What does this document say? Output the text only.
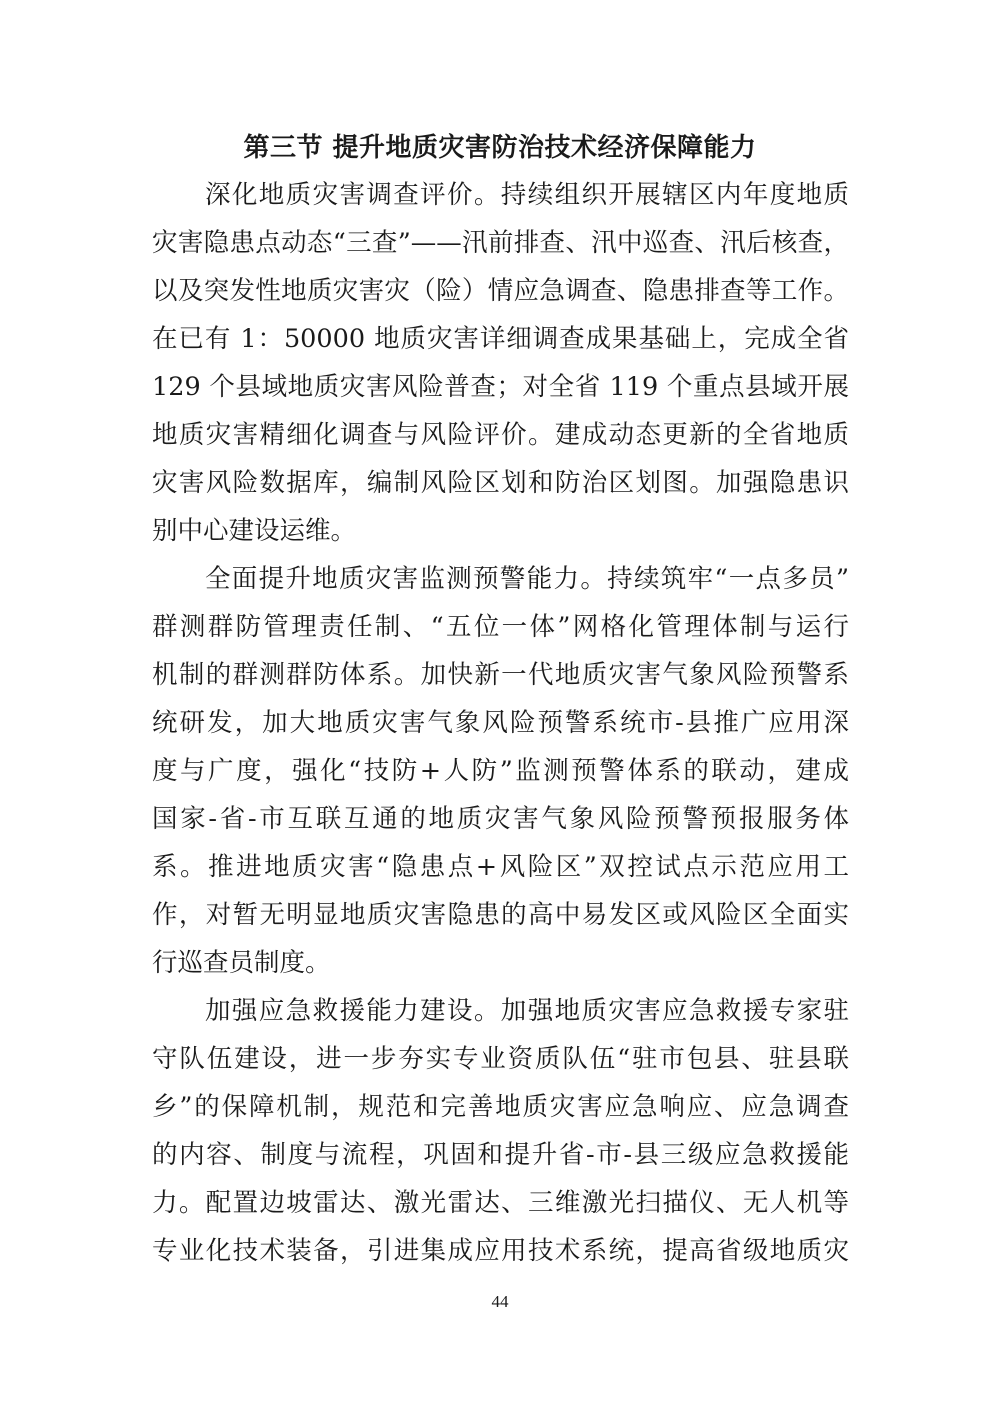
第三节 提升地质灾害防治技术经济保障能力

深化地质灾害调查评价。持续组织开展辖区内年度地质

灾害隐患点动态“三查”——汛前排查、汛中巡查、汛后核查，

以及突发性地质灾害灾（险）情应急调查、隐患排查等工作。

在已有 1：50000 地质灾害详细调查成果基础上，完成全省

129 个县域地质灾害风险普查；对全省 119 个重点县域开展

地质灾害精细化调查与风险评价。建成动态更新的全省地质

灾害风险数据库，编制风险区划和防治区划图。加强隐患识

别中心建设运维。

全面提升地质灾害监测预警能力。持续筑牢“一点多员”

群测群防管理责任制、“五位一体”网格化管理体制与运行

机制的群测群防体系。加快新一代地质灾害气象风险预警系

统研发，加大地质灾害气象风险预警系统市-县推广应用深

度与广度，强化“技防+人防”监测预警体系的联动，建成

国家-省-市互联互通的地质灾害气象风险预警预报服务体

系。推进地质灾害“隐患点+风险区”双控试点示范应用工

作，对暂无明显地质灾害隐患的高中易发区或风险区全面实

行巡查员制度。

加强应急救援能力建设。加强地质灾害应急救援专家驻

守队伍建设，进一步夯实专业资质队伍“驻市包县、驻县联

乡”的保障机制，规范和完善地质灾害应急响应、应急调查

的内容、制度与流程，巩固和提升省-市-县三级应急救援能

力。配置边坡雷达、激光雷达、三维激光扫描仪、无人机等

专业化技术装备，引进集成应用技术系统，提高省级地质灾

44
